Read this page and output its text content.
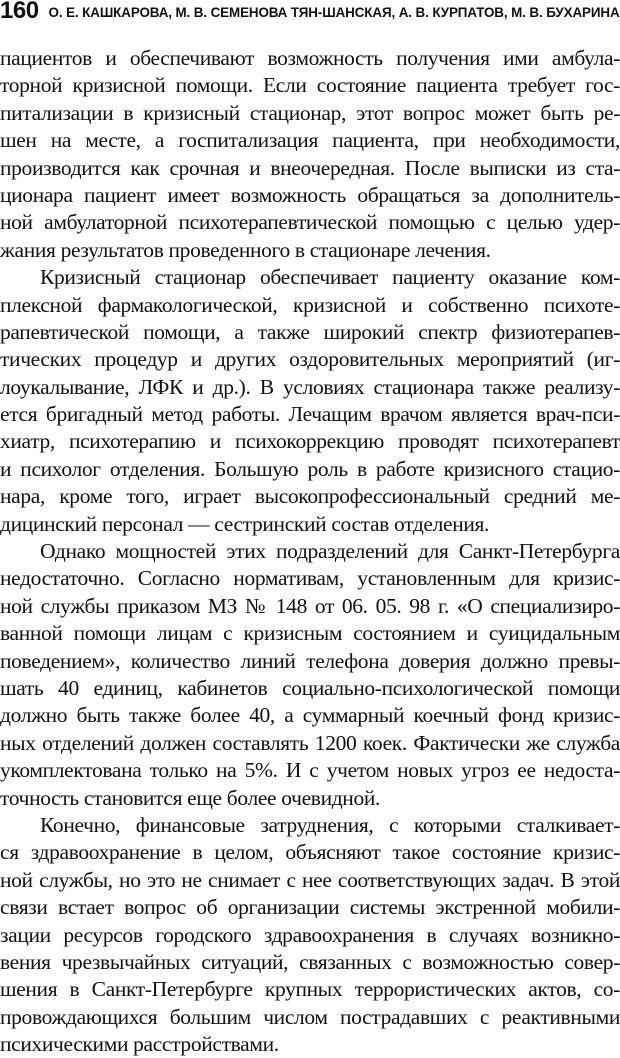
160 О. Е. КАШКАРОВА, М. В. СЕМЕНОВА ТЯН-ШАНСКАЯ, А. В. КУРПАТОВ, М. В. БУХАРИНА
пациентов и обеспечивают возможность получения ими амбула-
торной кризисной помощи. Если состояние пациента требует гос-
питализации в кризисный стационар, этот вопрос может быть ре-
шен на месте, а госпитализация пациента, при необходимости,
производится как срочная и внеочередная. После выписки из ста-
ционара пациент имеет возможность обращаться за дополнитель-
ной амбулаторной психотерапевтической помощью с целью удер-
жания результатов проведенного в стационаре лечения.
Кризисный стационар обеспечивает пациенту оказание ком-
плексной фармакологической, кризисной и собственно психоте-
рапевтической помощи, а также широкий спектр физиотерапев-
тических процедур и других оздоровительных мероприятий (иг-
лоукалывание, ЛФК и др.). В условиях стационара также реализу-
ется бригадный метод работы. Лечащим врачом является врач-пси-
хиатр, психотерапию и психокоррекцию проводят психотерапевт
и психолог отделения. Большую роль в работе кризисного стацио-
нара, кроме того, играет высокопрофессиональный средний ме-
дицинский персонал — сестринский состав отделения.
Однако мощностей этих подразделений для Санкт-Петербурга
недостаточно. Согласно нормативам, установленным для кризис-
ной службы приказом МЗ № 148 от 06. 05. 98 г. «О специализиро-
ванной помощи лицам с кризисным состоянием и суицидальным
поведением», количество линий телефона доверия должно превы-
шать 40 единиц, кабинетов социально-психологической помощи
должно быть также более 40, а суммарный коечный фонд кризис-
ных отделений должен составлять 1200 коек. Фактически же служба
укомплектована только на 5%. И с учетом новых угроз ее недоста-
точность становится еще более очевидной.
Конечно, финансовые затруднения, с которыми сталкивает-
ся здравоохранение в целом, объясняют такое состояние кризис-
ной службы, но это не снимает с нее соответствующих задач. В этой
связи встает вопрос об организации системы экстренной мобили-
зации ресурсов городского здравоохранения в случаях возникно-
вения чрезвычайных ситуаций, связанных с возможностью совер-
шения в Санкт-Петербурге крупных террористических актов, со-
провождающихся большим числом пострадавших с реактивными
психическими расстройствами.
